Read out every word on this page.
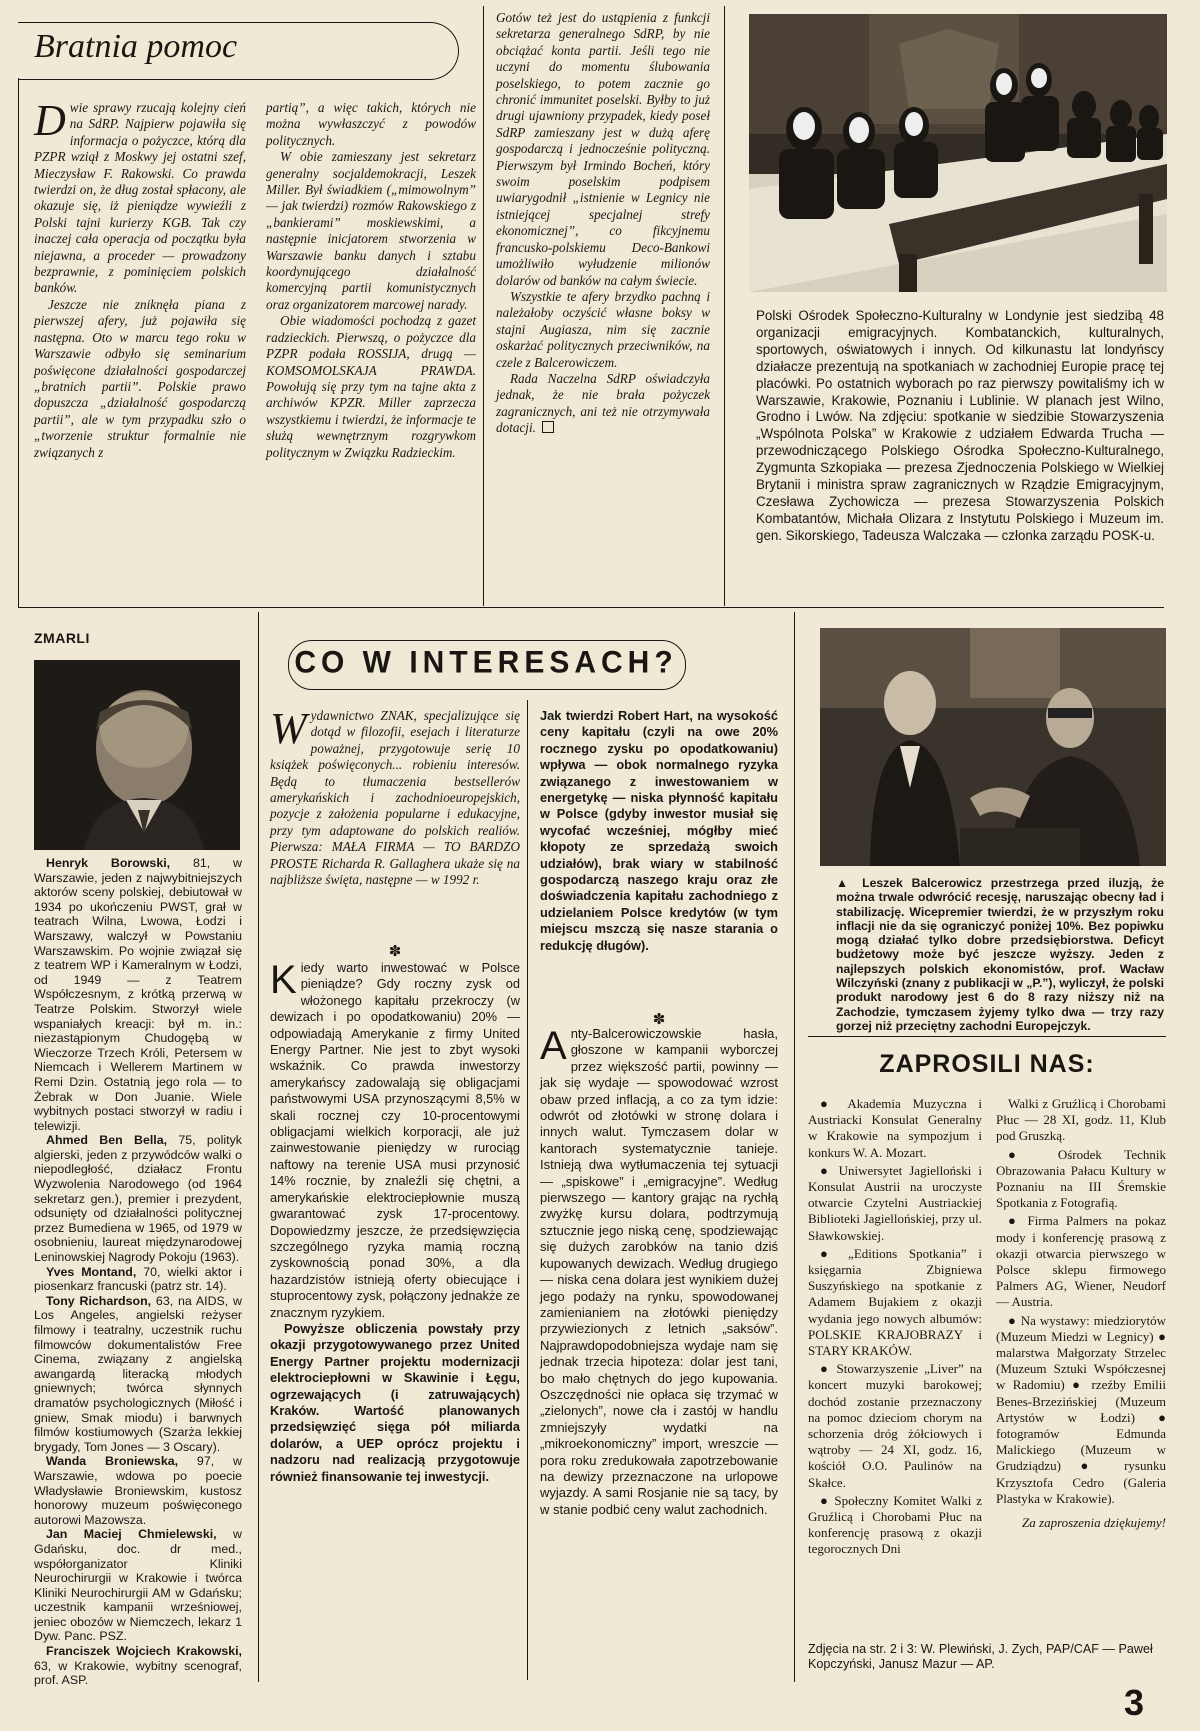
Bratnia pomoc

Dwie sprawy rzucają kolejny cień na SdRP. Najpierw pojawiła się informacja o pożyczce, którą dla PZPR wziął z Moskwy jej ostatni szef, Mieczysław F. Rakowski. Co prawda twierdzi on, że dług został spłacony, ale okazuje się, iż pieniądze wywieźli z Polski tajni kurierzy KGB. Tak czy inaczej cała operacja od początku była niejawna, a proceder — prowadzony bezprawnie, z pominięciem polskich banków.

Jeszcze nie zniknęła piana z pierwszej afery, już pojawiła się następna. Oto w marcu tego roku w Warszawie odbyło się seminarium poświęcone działalności gospodarczej „bratnich partii”. Polskie prawo dopuszcza „działalność gospodarczą partii”, ale w tym przypadku szło o „tworzenie struktur formalnie nie związanych z

partią”, a więc takich, których nie można wywłaszczyć z powodów politycznych.

W obie zamieszany jest sekretarz generalny socjaldemokracji, Leszek Miller. Był świadkiem („mimowolnym” — jak twierdzi) rozmów Rakowskiego z „bankierami” moskiewskimi, a następnie inicjatorem stworzenia w Warszawie banku danych i sztabu koordynującego działalność komercyjną partii komunistycznych oraz organizatorem marcowej narady.

Obie wiadomości pochodzą z gazet radzieckich. Pierwszą, o pożyczce dla PZPR podała ROSSIJA, drugą — KOMSOMOLSKAJA PRAWDA. Powołują się przy tym na tajne akta z archiwów KPZR. Miller zaprzecza wszystkiemu i twierdzi, że informacje te służą wewnętrznym rozgrywkom politycznym w Związku Radzieckim.

Gotów też jest do ustąpienia z funkcji sekretarza generalnego SdRP, by nie obciążać konta partii. Jeśli tego nie uczyni do momentu ślubowania poselskiego, to potem zacznie go chronić immunitet poselski. Byłby to już drugi ujawniony przypadek, kiedy poseł SdRP zamieszany jest w dużą aferę gospodarczą i jednocześnie polityczną. Pierwszym był Irmindo Bocheń, który swoim poselskim podpisem uwiarygodnił „istnienie w Legnicy nie istniejącej specjalnej strefy ekonomicznej”, co fikcyjnemu francusko-polskiemu Deco-Bankowi umożliwiło wyłudzenie milionów dolarów od banków na całym świecie.

Wszystkie te afery brzydko pachną i należałoby oczyścić własne boksy w stajni Augiasza, nim się zacznie oskarżać politycznych przeciwników, na czele z Balcerowiczem.

Rada Naczelna SdRP oświadczyła jednak, że nie brała pożyczek zagranicznych, ani też nie otrzymywała dotacji.

Polski Ośrodek Społeczno-Kulturalny w Londynie jest siedzibą 48 organizacji emigracyjnych. Kombatanckich, kulturalnych, sportowych, oświatowych i innych. Od kilkunastu lat londyńscy działacze prezentują na spotkaniach w zachodniej Europie pracę tej placówki. Po ostatnich wyborach po raz pierwszy powitaliśmy ich w Warszawie, Krakowie, Poznaniu i Lublinie. W planach jest Wilno, Grodno i Lwów. Na zdjęciu: spotkanie w siedzibie Stowarzyszenia „Wspólnota Polska” w Krakowie z udziałem Edwarda Trucha — przewodniczącego Polskiego Ośrodka Społeczno-Kulturalnego, Zygmunta Szkopiaka — prezesa Zjednoczenia Polskiego w Wielkiej Brytanii i ministra spraw zagranicznych w Rządzie Emigracyjnym, Czesława Zychowicza — prezesa Stowarzyszenia Polskich Kombatantów, Michała Olizara z Instytutu Polskiego i Muzeum im. gen. Sikorskiego, Tadeusza Walczaka — członka zarządu POSK-u.
ZMARLI

Henryk Borowski, 81, w Warszawie, jeden z najwybitniejszych aktorów sceny polskiej, debiutował w 1934 po ukończeniu PWST, grał w teatrach Wilna, Lwowa, Łodzi i Warszawy, walczył w Powstaniu Warszawskim. Po wojnie związał się z teatrem WP i Kameralnym w Łodzi, od 1949 — z Teatrem Współczesnym, z krótką przerwą w Teatrze Polskim. Stworzył wiele wspaniałych kreacji: był m. in.: niezastąpionym Chudogębą w Wieczorze Trzech Króli, Petersem w Niemcach i Wellerem Martinem w Remi Dzin. Ostatnią jego rola — to Żebrak w Don Juanie. Wiele wybitnych postaci stworzył w radiu i telewizji.

Ahmed Ben Bella, 75, polityk algierski, jeden z przywódców walki o niepodległość, działacz Frontu Wyzwolenia Narodowego (od 1964 sekretarz gen.), premier i prezydent, odsunięty od działalności politycznej przez Bumedienа w 1965, od 1979 w osobnieniu, laureat międzynarodowej Leninowskiej Nagrody Pokoju (1963).

Yves Montand, 70, wielki aktor i piosenkarz francuski (patrz str. 14).

Tony Richardson, 63, na AIDS, w Los Angeles, angielski reżyser filmowy i teatralny, uczestnik ruchu filmowców dokumentalistów Free Cinema, związany z angielską awangardą literacką młodych gniewnych; twórca słynnych dramatów psychologicznych (Miłość i gniew, Smak miodu) i barwnych filmów kostiumowych (Szarża lekkiej brygady, Tom Jones — 3 Oscary).

Wanda Broniewska, 97, w Warszawie, wdowa po poecie Władysławie Broniewskim, kustosz honorowy muzeum poświęconego autorowi Mazowsza.

Jan Maciej Chmielewski, w Gdańsku, doc. dr med., współorganizator Kliniki Neurochirurgii w Krakowie i twórca Kliniki Neurochirurgii AM w Gdańsku; uczestnik kampanii wrześniowej, jeniec obozów w Niemczech, lekarz 1 Dyw. Panc. PSZ.

Franciszek Wojciech Krakowski, 63, w Krakowie, wybitny scenograf, prof. ASP.

CO W INTERESACH?

Wydawnictwo ZNAK, specjalizujące się dotąd w filozofii, esejach i literaturze poważnej, przygotowuje serię 10 książek poświęconych... robieniu interesów. Będą to tłumaczenia bestsellerów amerykańskich i zachodnioeuropejskich, pozycje z założenia popularne i edukacyjne, przy tym adaptowane do polskich realiów. Pierwsza: MAŁA FIRMA — TO BARDZO PROSTE Richarda R. Gallaghera ukaże się na najbliższe święta, następne — w 1992 r.

✽

Kiedy warto inwestować w Polsce pieniądze? Gdy roczny zysk od włożonego kapitału przekroczy (w dewizach i po opodatkowaniu) 20% — odpowiadają Amerykanie z firmy United Energy Partner. Nie jest to zbyt wysoki wskaźnik. Co prawda inwestorzy amerykańscy zadowalają się obligacjami państwowymi USA przynoszącymi 8,5% w skali rocznej czy 10-procentowymi obligacjami wielkich korporacji, ale już zainwestowanie pieniędzy w rurociąg naftowy na terenie USA musi przynosić 14% rocznie, by znaleźli się chętni, a amerykańskie elektrociepłownie muszą gwarantować zysk 17-procentowy. Dopowiedzmy jeszcze, że przedsięwzięcia szczególnego ryzyka mamią roczną zyskownością ponad 30%, a dla hazardzistów istnieją oferty obiecujące i stuprocentowy zysk, połączony jednakże ze znacznym ryzykiem.

Powyższe obliczenia powstały przy okazji przygotowywanego przez United Energy Partner projektu modernizacji elektrociepłowni w Skawinie i Łęgu, ogrzewających (i zatruwających) Kraków. Wartość planowanych przedsięwzięć sięga pół miliarda dolarów, a UEP oprócz projektu i nadzoru nad realizacją przygotowuje również finansowanie tej inwestycji.

Jak twierdzi Robert Hart, na wysokość ceny kapitału (czyli na owe 20% rocznego zysku po opodatkowaniu) wpływa — obok normalnego ryzyka związanego z inwestowaniem w energetykę — niska płynność kapitału w Polsce (gdyby inwestor musiał się wycofać wcześniej, mógłby mieć kłopoty ze sprzedażą swoich udziałów), brak wiary w stabilność gospodarczą naszego kraju oraz złe doświadczenia kapitału zachodniego z udzielaniem Polsce kredytów (w tym miejscu mszczą się nasze starania o redukcję długów).

✽

Anty-Balcerowiczowskie hasła, głoszone w kampanii wyborczej przez większość partii, powinny — jak się wydaje — spowodować wzrost obaw przed inflacją, a co za tym idzie: odwrót od złotówki w stronę dolara i innych walut. Tymczasem dolar w kantorach systematycznie tanieje. Istnieją dwa wytłumaczenia tej sytuacji — „spiskowe” i „emigracyjne”. Według pierwszego — kantory grając na rychłą zwyżkę kursu dolara, podtrzymują sztucznie jego niską cenę, spodziewając się dużych zarobków na tanio dziś kupowanych dewizach. Według drugiego — niska cena dolara jest wynikiem dużej jego podaży na rynku, spowodowanej zamienianiem na złotówki pieniędzy przywiezionych z letnich „saksów”. Najprawdopodobniejsza wydaje nam się jednak trzecia hipoteza: dolar jest tani, bo mało chętnych do jego kupowania. Oszczędności nie opłaca się trzymać w „zielonych”, nowe cła i zastój w handlu zmniejszyły wydatki na „mikroekonomiczny” import, wreszcie — pora roku zredukowała zapotrzebowanie na dewizy przeznaczone na urlopowe wyjazdy. A sami Rosjanie nie są tacy, by w stanie podbić ceny walut zachodnich.

▲ Leszek Balcerowicz przestrzega przed iluzją, że można trwale odwrócić recesję, naruszając obecny ład i stabilizację. Wicepremier twierdzi, że w przyszłym roku inflacji nie da się ograniczyć poniżej 10%. Bez popiwku mogą działać tylko dobre przedsiębiorstwa. Deficyt budżetowy może być jeszcze wyższy. Jeden z najlepszych polskich ekonomistów, prof. Wacław Wilczyński (znany z publikacji w „P.”), wyliczył, że polski produkt narodowy jest 6 do 8 razy niższy niż na Zachodzie, tymczasem żyjemy tylko dwa — trzy razy gorzej niż przeciętny zachodni Europejczyk.
ZAPROSILI NAS:

● Akademia Muzyczna i Austriacki Konsulat Generalny w Krakowie na sympozjum i konkurs W. A. Mozart.

● Uniwersytet Jagielloński i Konsulat Austrii na uroczyste otwarcie Czytelni Austriackiej Biblioteki Jagiellońskiej, przy ul. Sławkowskiej.

● „Editions Spotkania” i księgarnia Zbigniewa Suszyńskiego na spotkanie z Adamem Bujakiem z okazji wydania jego nowych albumów: POLSKIE KRAJOBRAZY i STARY KRAKÓW.

● Stowarzyszenie „Liver” na koncert muzyki barokowej; dochód zostanie przeznaczony na pomoc dzieciom chorym na schorzenia dróg żółciowych i wątroby — 24 XI, godz. 16, kościół O.O. Paulinów na Skałce.

● Społeczny Komitet Walki z Gruźlicą i Chorobami Płuc na konferencję prasową z okazji tegorocznych Dni

Walki z Gruźlicą i Chorobami Płuc — 28 XI, godz. 11, Klub pod Gruszką.

● Ośrodek Technik Obrazowania Pałacu Kultury w Poznaniu na III Śremskie Spotkania z Fotografią.

● Firma Palmers na pokaz mody i konferencję prasową z okazji otwarcia pierwszego w Polsce sklepu firmowego Palmers AG, Wiener, Neudorf — Austria.

● Na wystawy: miedziorytów (Muzeum Miedzi w Legnicy) ● malarstwa Małgorzaty Strzelec (Muzeum Sztuki Współczesnej w Radomiu) ● rzeźby Emilii Benes-Brzezińskiej (Muzeum Artystów w Łodzi) ● fotogramów Edmunda Malickiego (Muzeum w Grudziądzu) ● rysunku Krzysztofa Cedro (Galeria Plastyka w Krakowie).

Za zaproszenia dziękujemy!

Zdjęcia na str. 2 i 3: W. Plewiński, J. Zych, PAP/CAF — Paweł Kopczyński, Janusz Mazur — AP.
3
